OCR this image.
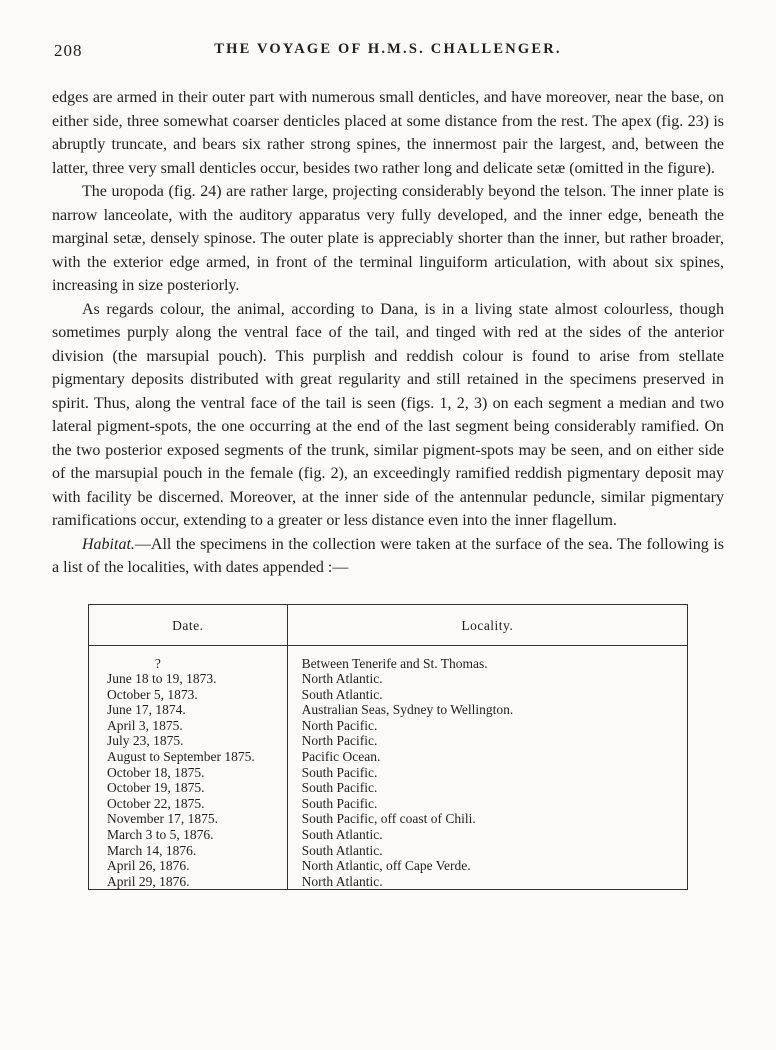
208	THE VOYAGE OF H.M.S. CHALLENGER.

edges are armed in their outer part with numerous small denticles, and have moreover, near the base, on either side, three somewhat coarser denticles placed at some distance from the rest. The apex (fig. 23) is abruptly truncate, and bears six rather strong spines, the innermost pair the largest, and, between the latter, three very small denticles occur, besides two rather long and delicate setæ (omitted in the figure).

The uropoda (fig. 24) are rather large, projecting considerably beyond the telson. The inner plate is narrow lanceolate, with the auditory apparatus very fully developed, and the inner edge, beneath the marginal setæ, densely spinose. The outer plate is appreciably shorter than the inner, but rather broader, with the exterior edge armed, in front of the terminal linguiform articulation, with about six spines, increasing in size posteriorly.

As regards colour, the animal, according to Dana, is in a living state almost colourless, though sometimes purply along the ventral face of the tail, and tinged with red at the sides of the anterior division (the marsupial pouch). This purplish and reddish colour is found to arise from stellate pigmentary deposits distributed with great regularity and still retained in the specimens preserved in spirit. Thus, along the ventral face of the tail is seen (figs. 1, 2, 3) on each segment a median and two lateral pigment-spots, the one occurring at the end of the last segment being considerably ramified. On the two posterior exposed segments of the trunk, similar pigment-spots may be seen, and on either side of the marsupial pouch in the female (fig. 2), an exceedingly ramified reddish pigmentary deposit may with facility be discerned. Moreover, at the inner side of the antennular peduncle, similar pigmentary ramifications occur, extending to a greater or less distance even into the inner flagellum.

Habitat.—All the specimens in the collection were taken at the surface of the sea. The following is a list of the localities, with dates appended :—

Date.	Locality.
?	Between Tenerife and St. Thomas.
June 18 to 19, 1873.	North Atlantic.
October 5, 1873.	South Atlantic.
June 17, 1874.	Australian Seas, Sydney to Wellington.
April 3, 1875.	North Pacific.
July 23, 1875.	North Pacific.
August to September 1875.	Pacific Ocean.
October 18, 1875.	South Pacific.
October 19, 1875.	South Pacific.
October 22, 1875.	South Pacific.
November 17, 1875.	South Pacific, off coast of Chili.
March 3 to 5, 1876.	South Atlantic.
March 14, 1876.	South Atlantic.
April 26, 1876.	North Atlantic, off Cape Verde.
April 29, 1876.	North Atlantic.
